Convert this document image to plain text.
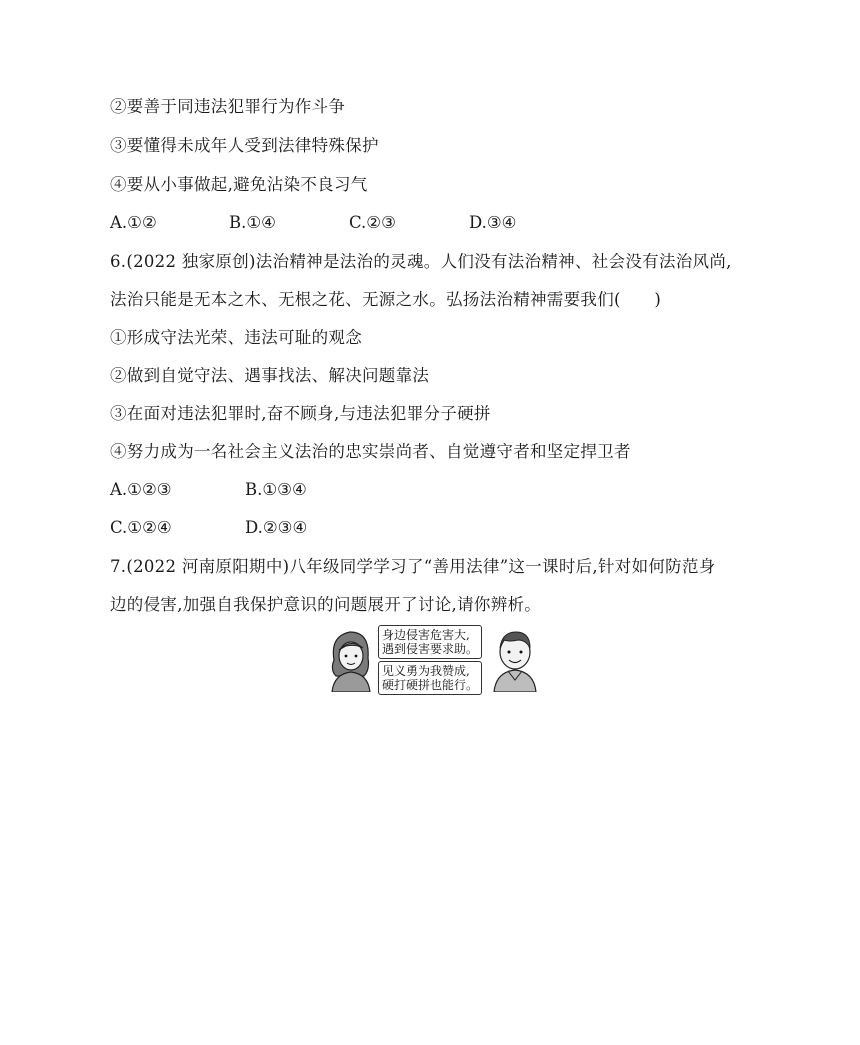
②要善于同违法犯罪行为作斗争
③要懂得未成年人受到法律特殊保护
④要从小事做起,避免沾染不良习气
A.①②	B.①④	C.②③	D.③④
6.(2022 独家原创)法治精神是法治的灵魂。人们没有法治精神、社会没有法治风尚,
法治只能是无本之木、无根之花、无源之水。弘扬法治精神需要我们(　　)
①形成守法光荣、违法可耻的观念
②做到自觉守法、遇事找法、解决问题靠法
③在面对违法犯罪时,奋不顾身,与违法犯罪分子硬拼
④努力成为一名社会主义法治的忠实崇尚者、自觉遵守者和坚定捍卫者
A.①②③	B.①③④
C.①②④	D.②③④
7.(2022 河南原阳期中)八年级同学学习了“善用法律”这一课时后,针对如何防范身
边的侵害,加强自我保护意识的问题展开了讨论,请你辨析。
身边侵害危害大,
遇到侵害要求助。
见义勇为我赞成,
硬打硬拼也能行。
